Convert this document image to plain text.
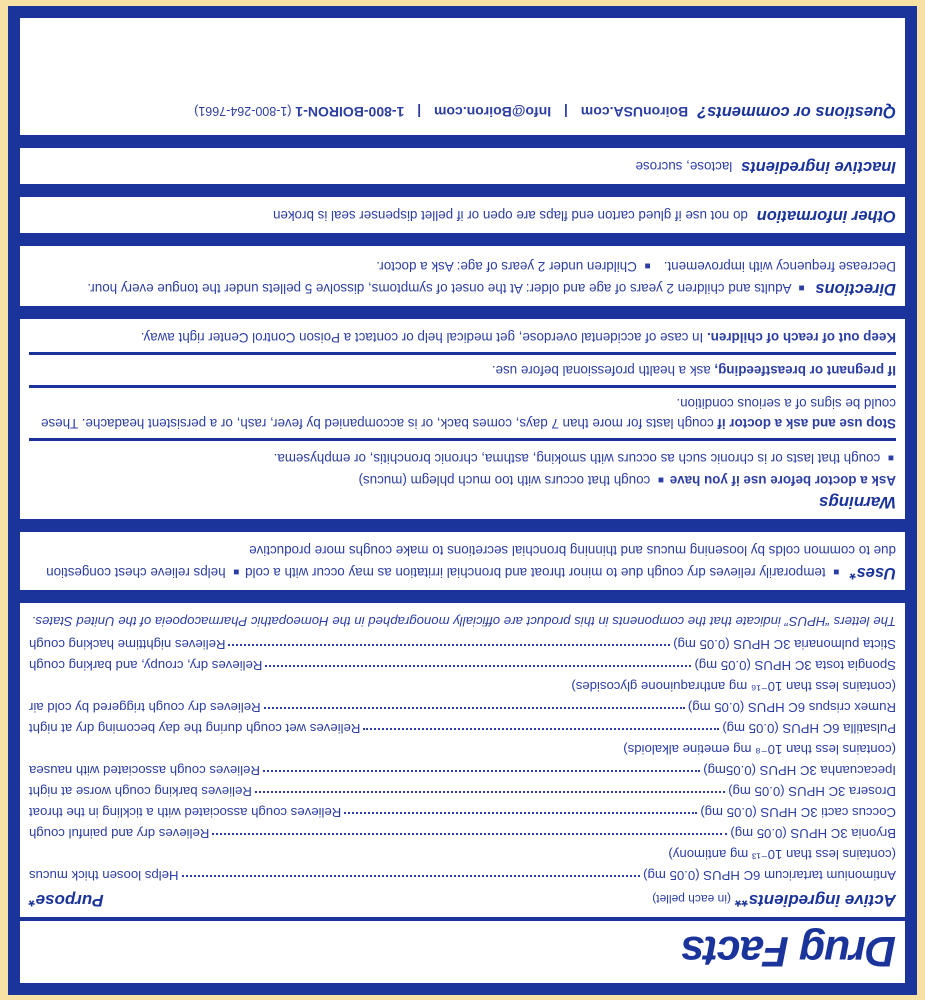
Drug Facts
Active ingredients** (in each pellet)
Purpose*
Antimonium tartaricum 6C HPUS (0.05 mg)
Helps loosen thick mucus
(contains less than 10⁻¹³ mg antimony)
Bryonia 3C HPUS (0.05 mg)
Relieves dry and painful cough
Coccus cacti 3C HPUS (0.05 mg)
Relieves cough associated with a tickling in the throat
Drosera 3C HPUS (0.05 mg)
Relieves barking cough worse at night
Ipecacuanha 3C HPUS (0.05mg)
Relieves cough associated with nausea
(contains less than 10⁻⁸ mg emetine alkaloids)
Pulsatilla 6C HPUS (0.05 mg)
Relieves wet cough during the day becoming dry at night
Rumex crispus 6C HPUS (0.05 mg)
Relieves dry cough triggered by cold air
(contains less than 10⁻¹⁶ mg anthraquinone glycosides)
Spongia tosta 3C HPUS (0.05 mg)
Relieves dry, croupy, and barking cough
Sticta pulmonaria 3C HPUS (0.05 mg)
Relieves nighttime hacking cough
The letters “HPUS” indicate that the components in this product are officially monographed in the Homeopathic Pharmacopoeia of the United States.
Uses* ■ temporarily relieves dry cough due to minor throat and bronchial irritation as may occur with a cold ■ helps relieve chest congestion due to common colds by loosening mucus and thinning bronchial secretions to make coughs more productive
Warnings
Ask a doctor before use if you have ■ cough that occurs with too much phlegm (mucus)
■ cough that lasts or is chronic such as occurs with smoking, asthma, chronic bronchitis, or emphysema.
Stop use and ask a doctor if cough lasts for more than 7 days, comes back, or is accompanied by fever, rash, or a persistent headache. These could be signs of a serious condition.
If pregnant or breastfeeding, ask a health professional before use.
Keep out of reach of children. In case of accidental overdose, get medical help or contact a Poison Control Center right away.
Directions ■ Adults and children 2 years of age and older: At the onset of symptoms, dissolve 5 pellets under the tongue every hour. Decrease frequency with improvement.   ■ Children under 2 years of age: Ask a doctor.
Other information do not use if glued carton end flaps are open or if pellet dispenser seal is broken
Inactive ingredients lactose, sucrose
Questions or comments? BoironUSA.com | Info@Boiron.com | 1-800-BOIRON-1 (1-800-264-7661)
